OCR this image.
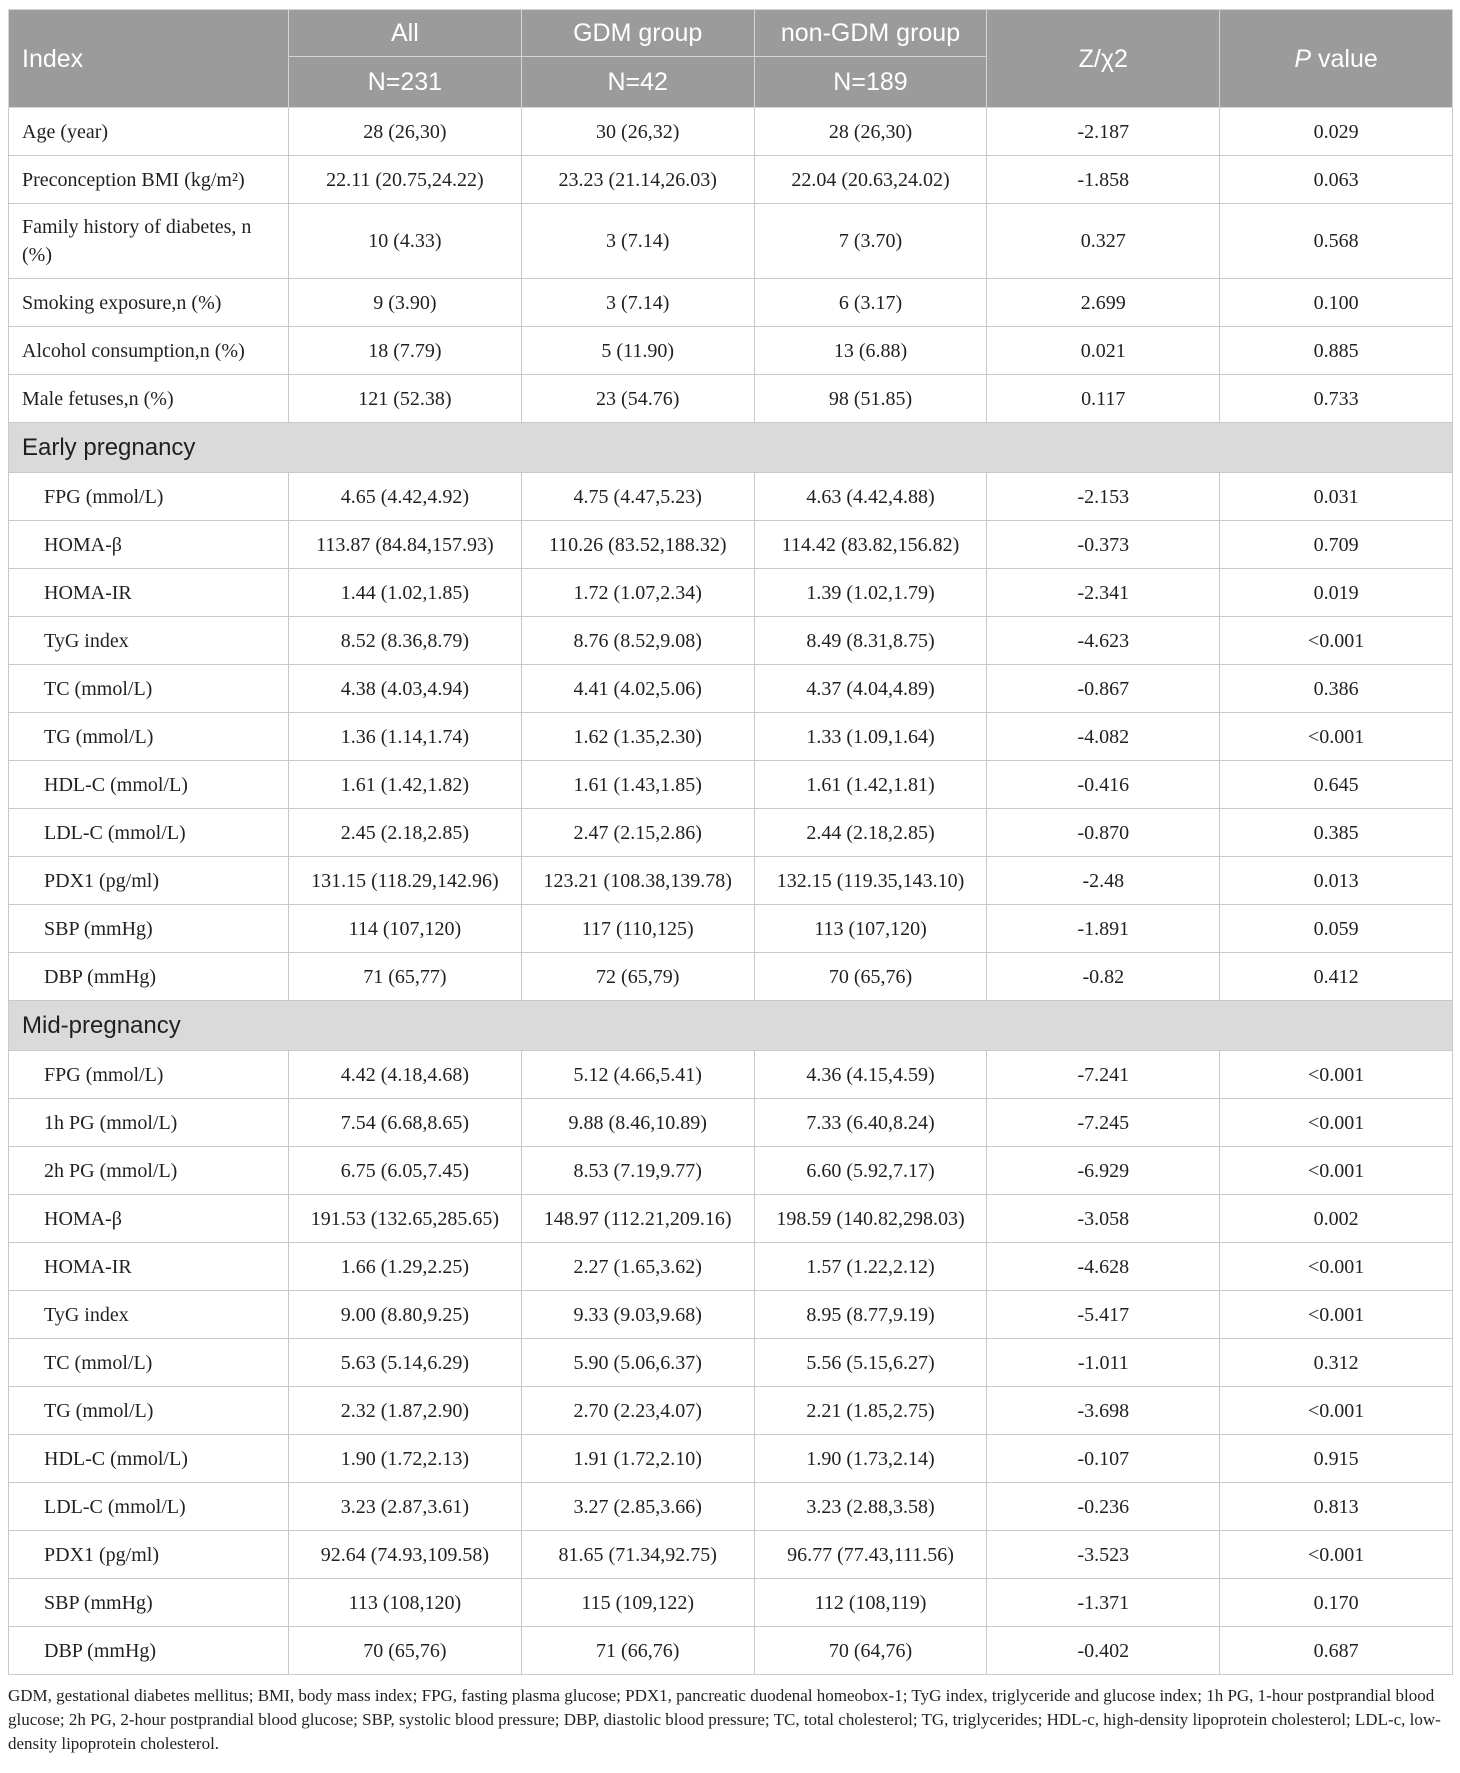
Index	All	GDM group	non-GDM group	Z/χ2	P value
	N=231	N=42	N=189		
Age (year)	28 (26,30)	30 (26,32)	28 (26,30)	-2.187	0.029
Preconception BMI (kg/m²)	22.11 (20.75,24.22)	23.23 (21.14,26.03)	22.04 (20.63,24.02)	-1.858	0.063
Family history of diabetes, n (%)	10 (4.33)	3 (7.14)	7 (3.70)	0.327	0.568
Smoking exposure,n (%)	9 (3.90)	3 (7.14)	6 (3.17)	2.699	0.100
Alcohol consumption,n (%)	18 (7.79)	5 (11.90)	13 (6.88)	0.021	0.885
Male fetuses,n (%)	121 (52.38)	23 (54.76)	98 (51.85)	0.117	0.733
Early pregnancy					
FPG (mmol/L)	4.65 (4.42,4.92)	4.75 (4.47,5.23)	4.63 (4.42,4.88)	-2.153	0.031
HOMA-β	113.87 (84.84,157.93)	110.26 (83.52,188.32)	114.42 (83.82,156.82)	-0.373	0.709
HOMA-IR	1.44 (1.02,1.85)	1.72 (1.07,2.34)	1.39 (1.02,1.79)	-2.341	0.019
TyG index	8.52 (8.36,8.79)	8.76 (8.52,9.08)	8.49 (8.31,8.75)	-4.623	<0.001
TC (mmol/L)	4.38 (4.03,4.94)	4.41 (4.02,5.06)	4.37 (4.04,4.89)	-0.867	0.386
TG (mmol/L)	1.36 (1.14,1.74)	1.62 (1.35,2.30)	1.33 (1.09,1.64)	-4.082	<0.001
HDL-C (mmol/L)	1.61 (1.42,1.82)	1.61 (1.43,1.85)	1.61 (1.42,1.81)	-0.416	0.645
LDL-C (mmol/L)	2.45 (2.18,2.85)	2.47 (2.15,2.86)	2.44 (2.18,2.85)	-0.870	0.385
PDX1 (pg/ml)	131.15 (118.29,142.96)	123.21 (108.38,139.78)	132.15 (119.35,143.10)	-2.48	0.013
SBP (mmHg)	114 (107,120)	117 (110,125)	113 (107,120)	-1.891	0.059
DBP (mmHg)	71 (65,77)	72 (65,79)	70 (65,76)	-0.82	0.412
Mid-pregnancy					
FPG (mmol/L)	4.42 (4.18,4.68)	5.12 (4.66,5.41)	4.36 (4.15,4.59)	-7.241	<0.001
1h PG (mmol/L)	7.54 (6.68,8.65)	9.88 (8.46,10.89)	7.33 (6.40,8.24)	-7.245	<0.001
2h PG (mmol/L)	6.75 (6.05,7.45)	8.53 (7.19,9.77)	6.60 (5.92,7.17)	-6.929	<0.001
HOMA-β	191.53 (132.65,285.65)	148.97 (112.21,209.16)	198.59 (140.82,298.03)	-3.058	0.002
HOMA-IR	1.66 (1.29,2.25)	2.27 (1.65,3.62)	1.57 (1.22,2.12)	-4.628	<0.001
TyG index	9.00 (8.80,9.25)	9.33 (9.03,9.68)	8.95 (8.77,9.19)	-5.417	<0.001
TC (mmol/L)	5.63 (5.14,6.29)	5.90 (5.06,6.37)	5.56 (5.15,6.27)	-1.011	0.312
TG (mmol/L)	2.32 (1.87,2.90)	2.70 (2.23,4.07)	2.21 (1.85,2.75)	-3.698	<0.001
HDL-C (mmol/L)	1.90 (1.72,2.13)	1.91 (1.72,2.10)	1.90 (1.73,2.14)	-0.107	0.915
LDL-C (mmol/L)	3.23 (2.87,3.61)	3.27 (2.85,3.66)	3.23 (2.88,3.58)	-0.236	0.813
PDX1 (pg/ml)	92.64 (74.93,109.58)	81.65 (71.34,92.75)	96.77 (77.43,111.56)	-3.523	<0.001
SBP (mmHg)	113 (108,120)	115 (109,122)	112 (108,119)	-1.371	0.170
DBP (mmHg)	70 (65,76)	71 (66,76)	70 (64,76)	-0.402	0.687
GDM, gestational diabetes mellitus; BMI, body mass index; FPG, fasting plasma glucose; PDX1, pancreatic duodenal homeobox-1; TyG index, triglyceride and glucose index; 1h PG, 1-hour postprandial blood glucose; 2h PG, 2-hour postprandial blood glucose; SBP, systolic blood pressure; DBP, diastolic blood pressure; TC, total cholesterol; TG, triglycerides; HDL-c, high-density lipoprotein cholesterol; LDL-c, low-density lipoprotein cholesterol.
